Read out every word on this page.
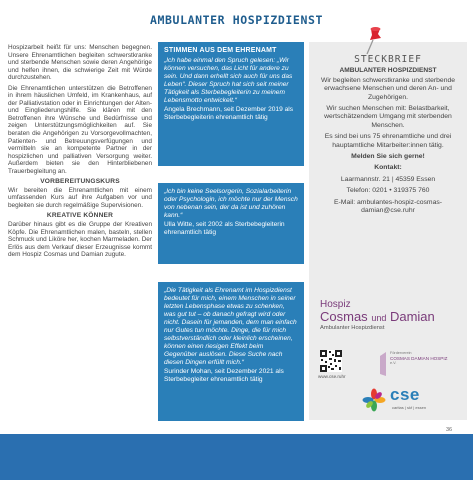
AMBULANTER HOSPIZDIENST

Hospizarbeit heißt für uns: Menschen begegnen. Unsere Ehrenamtlichen begleiten schwerstkranke und sterbende Menschen sowie deren Angehörige und helfen ihnen, die schwierige Zeit mit Würde durchzustehen.

Die Ehrenamtlichen unterstützen die Betroffenen in ihrem häuslichen Umfeld, im Krankenhaus, auf der Palliativstation oder in Einrichtungen der Alten- und Eingliederungshilfe. Sie klären mit den Betroffenen ihre Wünsche und Bedürfnisse und zeigen Unterstützungsmöglichkeiten auf. Sie beraten die Angehörigen zu Vorsorgevollmachten, Patienten- und Betreuungsverfügungen und vermitteln sie an kompetente Partner in der hospizlichen und palliativen Versorgung weiter. Außerdem bieten sie den Hinterbliebenen Trauerbegleitung an.

VORBEREITUNGSKURS

Wir bereiten die Ehrenamtlichen mit einem umfassenden Kurs auf ihre Aufgaben vor und begleiten sie durch regelmäßige Supervisionen.

KREATIVE KÖNNER

Darüber hinaus gibt es die Gruppe der Kreativen Köpfe. Die Ehrenamtlichen malen, basteln, stellen Schmuck und Liköre her, kochen Marmeladen. Der Erlös aus dem Verkauf dieser Erzeugnisse kommt dem Hospiz Cosmas und Damian zugute.

STIMMEN AUS DEM EHRENAMT

„Ich habe einmal den Spruch gelesen: „Wir können versuchen, das Licht für andere zu sein. Und dann erhellt sich auch für uns das Leben“. Dieser Spruch hat sich seit meiner Tätigkeit als Sterbebegleiterin zu meinem Lebensmotto entwickelt.“

Angela Brechmann, seit Dezember 2019 als Sterbebegleiterin ehrenamtlich tätig

„Ich bin keine Seelsorgerin, Sozialarbeiterin oder Psychologin, ich möchte nur der Mensch von nebenan sein, der da ist und zuhören kann.“

Ulla Witte, seit 2002 als Sterbebegleiterin ehrenamtlich tätig

„Die Tätigkeit als Ehrenamt im Hospizdienst bedeutet für mich, einem Menschen in seiner letzten Lebensphase etwas zu schenken, was gut tut – ob danach gefragt wird oder nicht. Dasein für jemanden, dem man einfach nur Gutes tun möchte. Dinge, die für mich selbstverständlich oder kleinlich erscheinen, können einen riesigen Effekt beim Gegenüber auslösen. Diese Suche nach diesen Dingen erfüllt mich.“

Surinder Mohan, seit Dezember 2021 als Sterbebegleiter ehrenamtlich tätig

STECKBRIEF
AMBULANTER HOSPIZDIENST

Wir begleiten schwerstkranke und sterbende erwachsene Menschen und deren An- und Zugehörigen.

Wir suchen Menschen mit: Belastbarkeit, wertschätzendem Umgang mit sterbenden Menschen.

Es sind bei uns 75 ehrenamtliche und drei hauptamtliche Mitarbeiter:innen tätig.

Melden Sie sich gerne!

Kontakt:

Laarmannstr. 21 | 45359 Essen

Telefon: 0201 • 319375 760

E-Mail: ambulantes-hospiz-cosmas-damian@cse.ruhr

Hospiz
Cosmas und Damian
Ambulanter Hospizdienst
www.cse.ruhr
Förderverein
COSMAS DAMIAN HOSPIZ
e.V.
cse
caritas | skf | essen
36
